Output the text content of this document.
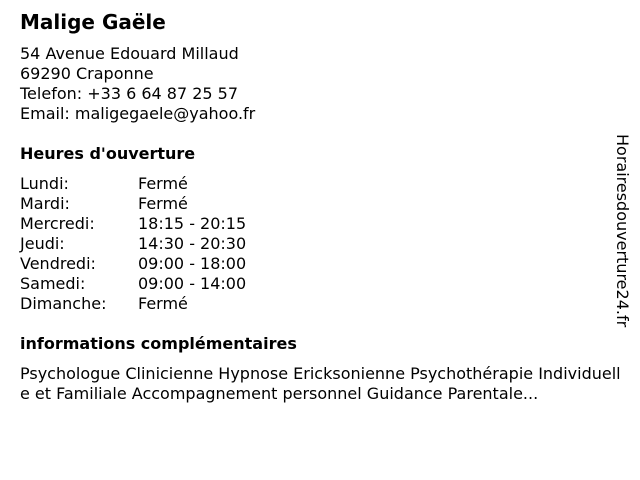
Malige Gaële
54 Avenue Edouard Millaud
69290 Craponne
Telefon: +33 6 64 87 25 57
Email: maligegaele@yahoo.fr
Heures d'ouverture
Lundi:	Fermé
Mardi:	Fermé
Mercredi:	18:15 - 20:15
Jeudi:	14:30 - 20:30
Vendredi:	09:00 - 18:00
Samedi:	09:00 - 14:00
Dimanche: Fermé
informations complémentaires
Psychologue Clinicienne Hypnose Ericksonienne Psychothérapie Individuelle et Familiale Accompagnement personnel Guidance Parentale...
Horairesdouverture24.fr
